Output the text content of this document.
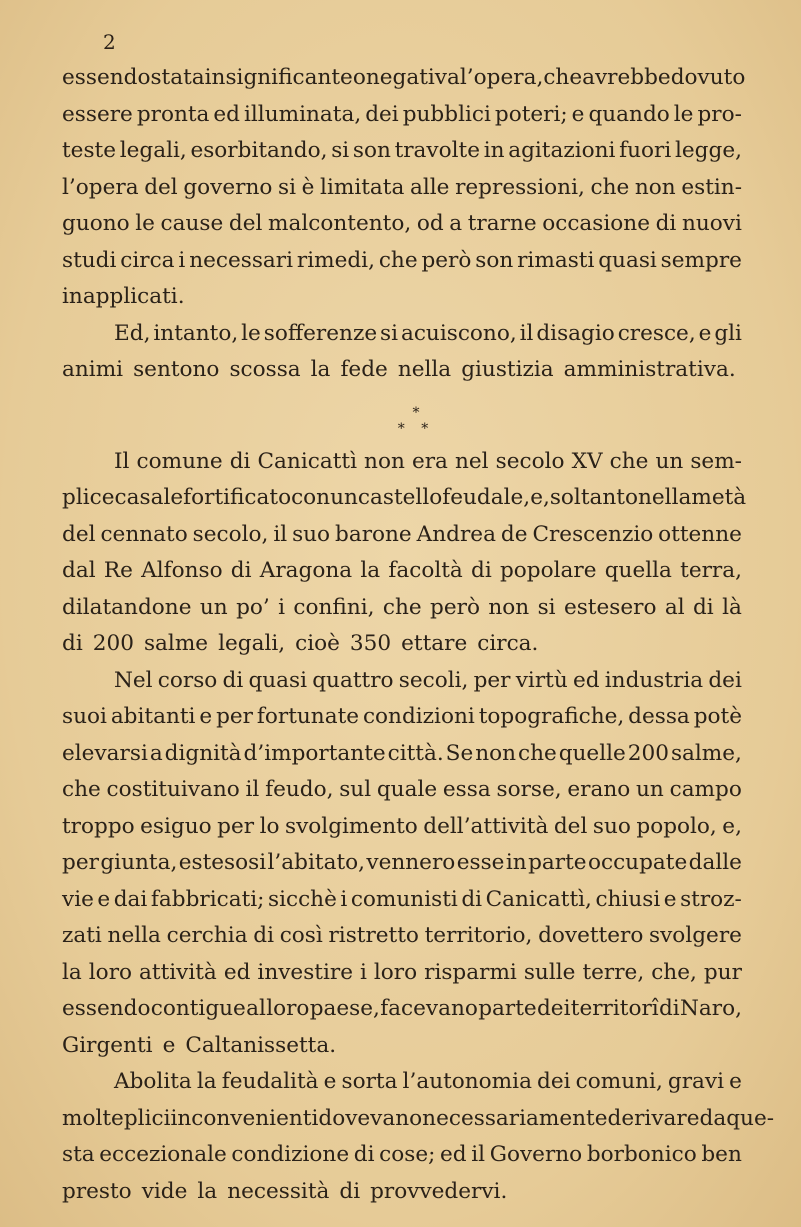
2
essendo stata insignificante o negativa l’opera, che avrebbe dovuto
essere pronta ed illuminata, dei pubblici poteri; e quando le pro-
teste legali, esorbitando, si son travolte in agitazioni fuori legge,
l’opera del governo si è limitata alle repressioni, che non estin-
guono le cause del malcontento, od a trarne occasione di nuovi
studi circa i necessari rimedi, che però son rimasti quasi sempre
inapplicati.
Ed, intanto, le sofferenze si acuiscono, il disagio cresce, e gli
animi sentono scossa la fede nella giustizia amministrativa.
*
* *
Il comune di Canicattì non era nel secolo XV che un sem-
plice casale fortificato con un castello feudale, e, soltanto nella metà
del cennato secolo, il suo barone Andrea de Crescenzio ottenne
dal Re Alfonso di Aragona la facoltà di popolare quella terra,
dilatandone un po’ i confini, che però non si estesero al di là
di 200 salme legali, cioè 350 ettare circa.
Nel corso di quasi quattro secoli, per virtù ed industria dei
suoi abitanti e per fortunate condizioni topografiche, dessa potè
elevarsi a dignità d’importante città. Se non che quelle 200 salme,
che costituivano il feudo, sul quale essa sorse, erano un campo
troppo esiguo per lo svolgimento dell’attività del suo popolo, e,
per giunta, estesosi l’abitato, vennero esse in parte occupate dalle
vie e dai fabbricati; sicchè i comunisti di Canicattì, chiusi e stroz-
zati nella cerchia di così ristretto territorio, dovettero svolgere
la loro attività ed investire i loro risparmi sulle terre, che, pur
essendo contigue al loro paese, facevano parte dei territorî di Naro,
Girgenti e Caltanissetta.
Abolita la feudalità e sorta l’autonomia dei comuni, gravi e
molteplici inconvenienti dovevano necessariamente derivare da que-
sta eccezionale condizione di cose; ed il Governo borbonico ben
presto vide la necessità di provvedervi.
